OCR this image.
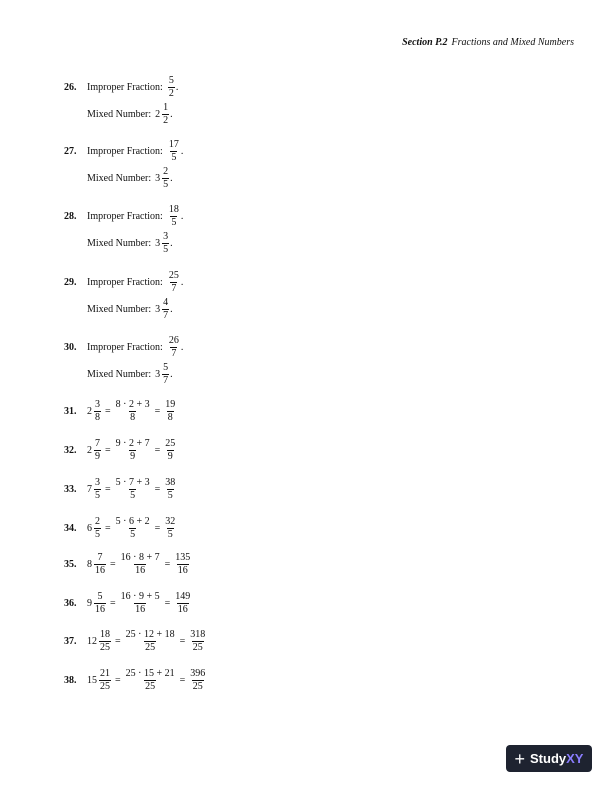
Section P.2 Fractions and Mixed Numbers
26. Improper Fraction: $\frac{5}{2}$ .
Mixed Number: $2 \frac{1}{2}$ .
27. Improper Fraction: $\frac{17}{5}$ .
Mixed Number: $3 \frac{2}{5}$ .
28. Improper Fraction: $\frac{18}{5}$ .
Mixed Number: $3 \frac{3}{5}$ .
29. Improper Fraction: $\frac{25}{7}$ .
Mixed Number: $3 \frac{4}{7}$ .
30. Improper Fraction: $\frac{26}{7}$ .
Mixed Number: $3 \frac{5}{7}$ .
31. $2 \frac{3}{8} = \frac{8 \cdot 2 + 3}{8} = \frac{19}{8}$
32. $2 \frac{7}{9} = \frac{9 \cdot 2 + 7}{9} = \frac{25}{9}$
33. $7 \frac{3}{5} = \frac{5 \cdot 7 + 3}{5} = \frac{38}{5}$
34. $6 \frac{2}{5} = \frac{5 \cdot 6 + 2}{5} = \frac{32}{5}$
35. $8 \frac{7}{16} = \frac{16 \cdot 8 + 7}{16} = \frac{135}{16}$
36. $9 \frac{5}{16} = \frac{16 \cdot 9 + 5}{16} = \frac{149}{16}$
37. $12 \frac{18}{25} = \frac{25 \cdot 12 + 18}{25} = \frac{318}{25}$
38. $15 \frac{21}{25} = \frac{25 \cdot 15 + 21}{25} = \frac{396}{25}$
+ Study XY
